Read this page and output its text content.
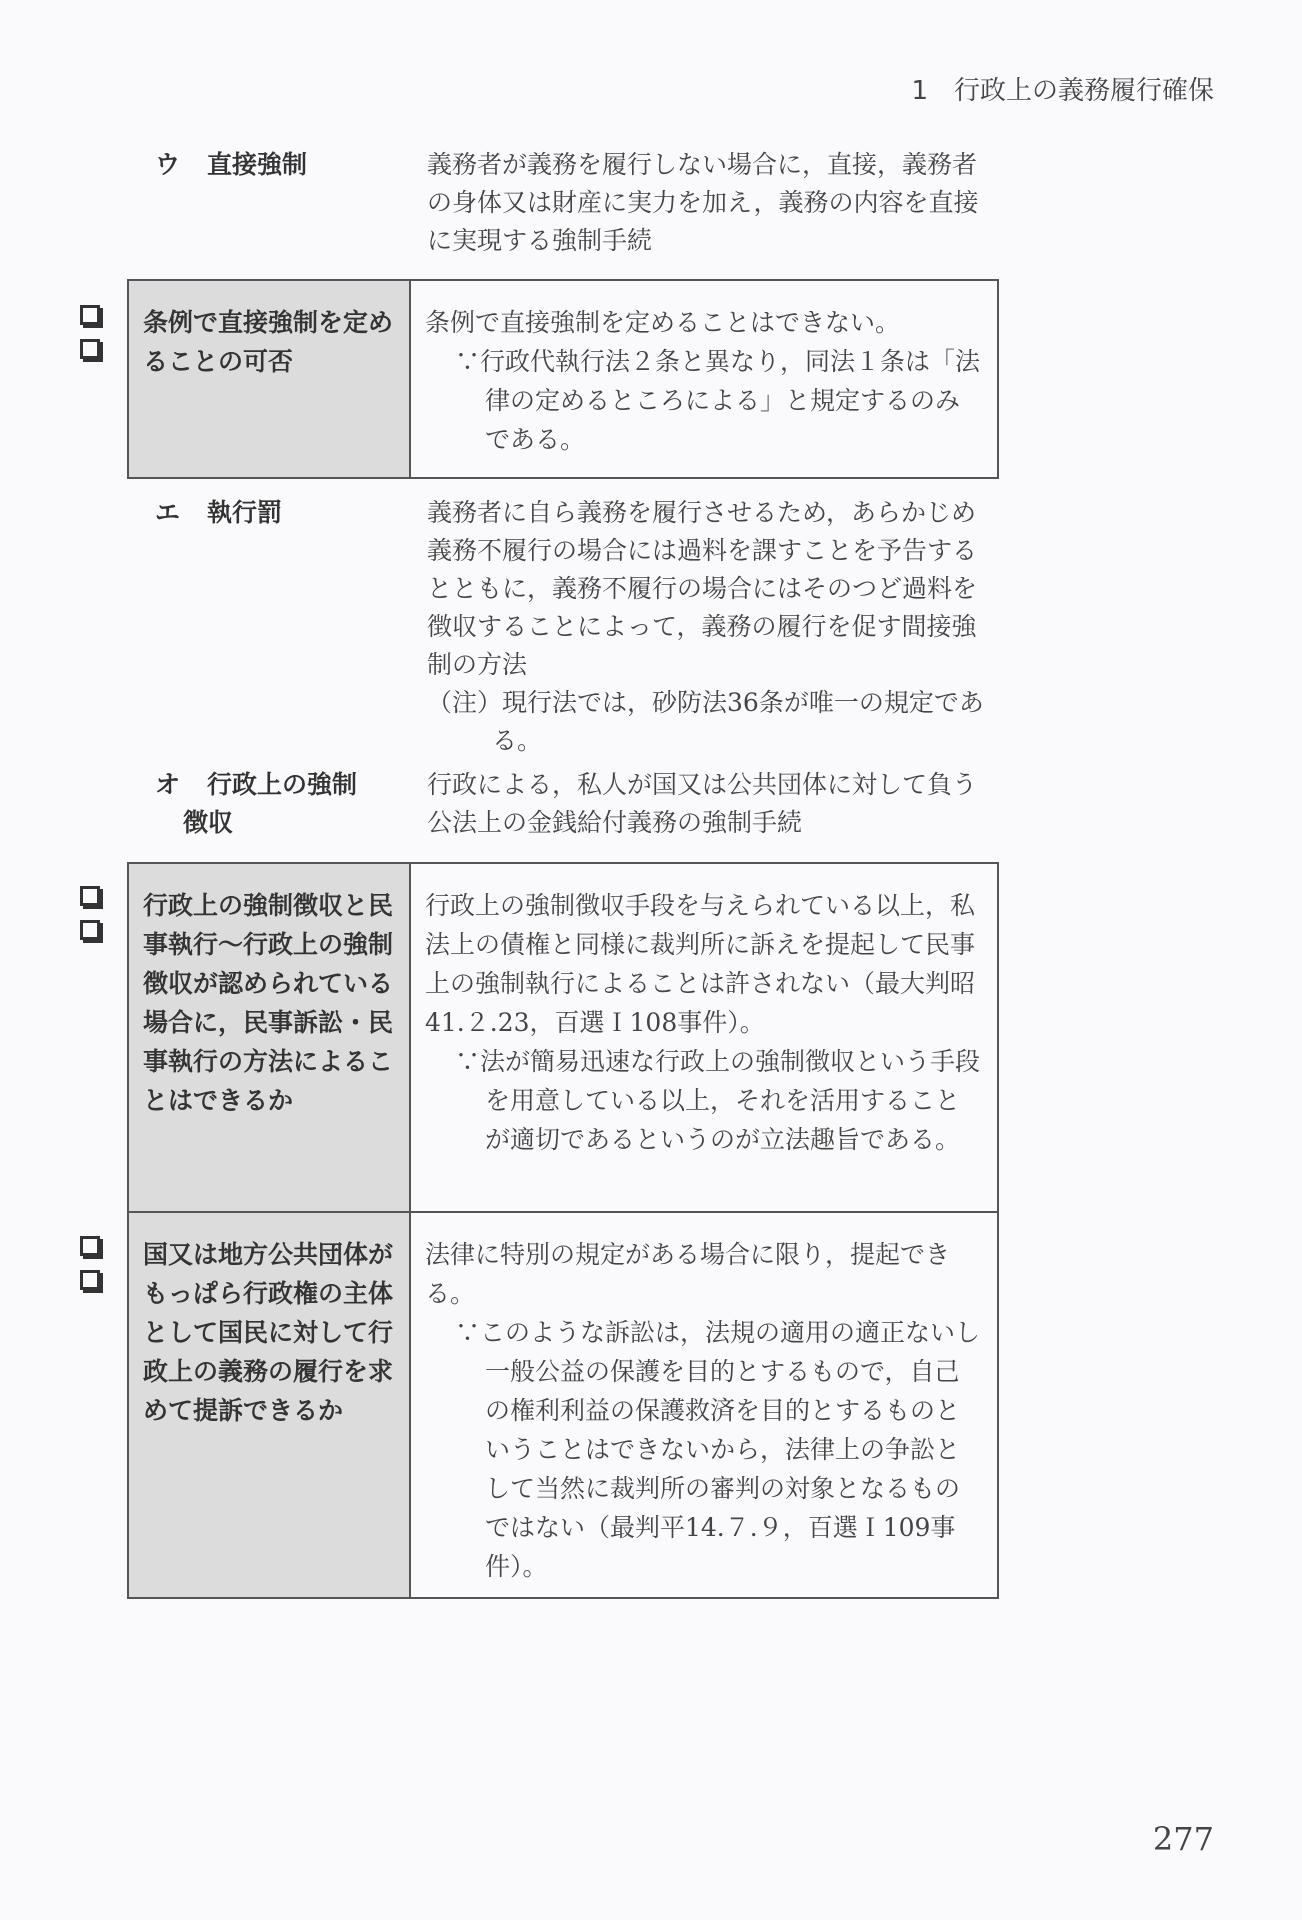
1 行政上の義務履行確保
ウ 直接強制	義務者が義務を履行しない場合に，直接，義務者の身体又は財産に実力を加え，義務の内容を直接に実現する強制手続
条例で直接強制を定めることの可否
条例で直接強制を定めることはできない。
∵行政代執行法２条と異なり，同法１条は「法律の定めるところによる」と規定するのみである。
エ 執行罰	義務者に自ら義務を履行させるため，あらかじめ義務不履行の場合には過料を課すことを予告するとともに，義務不履行の場合にはそのつど過料を徴収することによって，義務の履行を促す間接強制の方法
（注）現行法では，砂防法36条が唯一の規定である。
オ 行政上の強制
徴収
行政による，私人が国又は公共団体に対して負う公法上の金銭給付義務の強制手続
行政上の強制徴収と民事執行〜行政上の強制徴収が認められている場合に，民事訴訟・民事執行の方法によることはできるか
行政上の強制徴収手段を与えられている以上，私法上の債権と同様に裁判所に訴えを提起して民事上の強制執行によることは許されない（最大判昭41.２.23，百選Ｉ108事件）。
∵法が簡易迅速な行政上の強制徴収という手段を用意している以上，それを活用することが適切であるというのが立法趣旨である。
国又は地方公共団体がもっぱら行政権の主体として国民に対して行政上の義務の履行を求めて提訴できるか
法律に特別の規定がある場合に限り，提起できる。
∵このような訴訟は，法規の適用の適正ないし一般公益の保護を目的とするもので，自己の権利利益の保護救済を目的とするものということはできないから，法律上の争訟として当然に裁判所の審判の対象となるものではない（最判平14.７.９，百選Ｉ109事件）。
277
